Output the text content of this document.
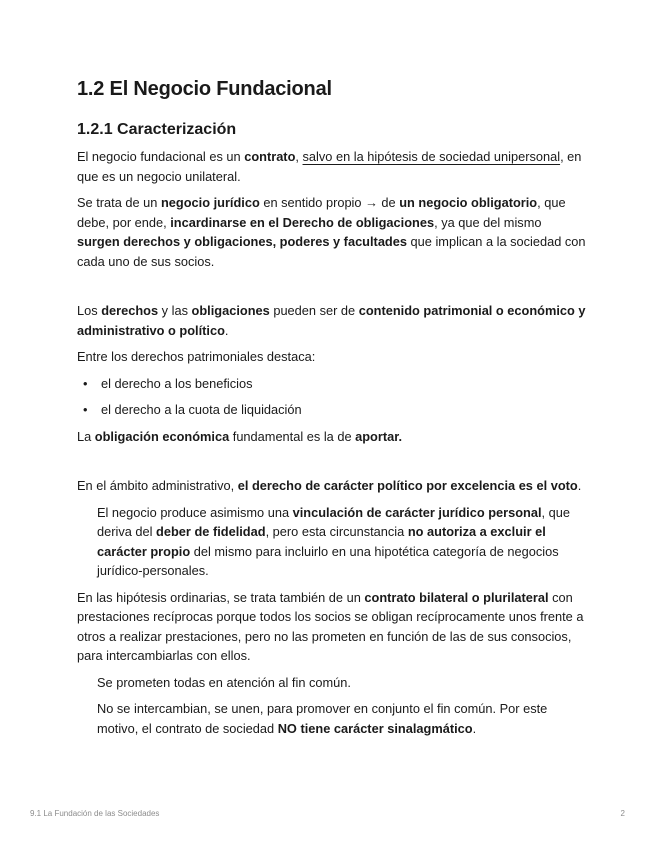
1.2 El Negocio Fundacional
1.2.1 Caracterización

El negocio fundacional es un contrato, salvo en la hipótesis de sociedad unipersonal, en que es un negocio unilateral.

Se trata de un negocio jurídico en sentido propio → de un negocio obligatorio, que debe, por ende, incardinarse en el Derecho de obligaciones, ya que del mismo surgen derechos y obligaciones, poderes y facultades que implican a la sociedad con cada uno de sus socios.

Los derechos y las obligaciones pueden ser de contenido patrimonial o económico y administrativo o político.

Entre los derechos patrimoniales destaca:

• el derecho a los beneficios
• el derecho a la cuota de liquidación

La obligación económica fundamental es la de aportar.

En el ámbito administrativo, el derecho de carácter político por excelencia es el voto.

El negocio produce asimismo una vinculación de carácter jurídico personal, que deriva del deber de fidelidad, pero esta circunstancia no autoriza a excluir el carácter propio del mismo para incluirlo en una hipotética categoría de negocios jurídico-personales.

En las hipótesis ordinarias, se trata también de un contrato bilateral o plurilateral con prestaciones recíprocas porque todos los socios se obligan recíprocamente unos frente a otros a realizar prestaciones, pero no las prometen en función de las de sus consocios, para intercambiarlas con ellos.

Se prometen todas en atención al fin común.

No se intercambian, se unen, para promover en conjunto el fin común. Por este motivo, el contrato de sociedad NO tiene carácter sinalagmático.

9.1 La Fundación de las Sociedades	2
